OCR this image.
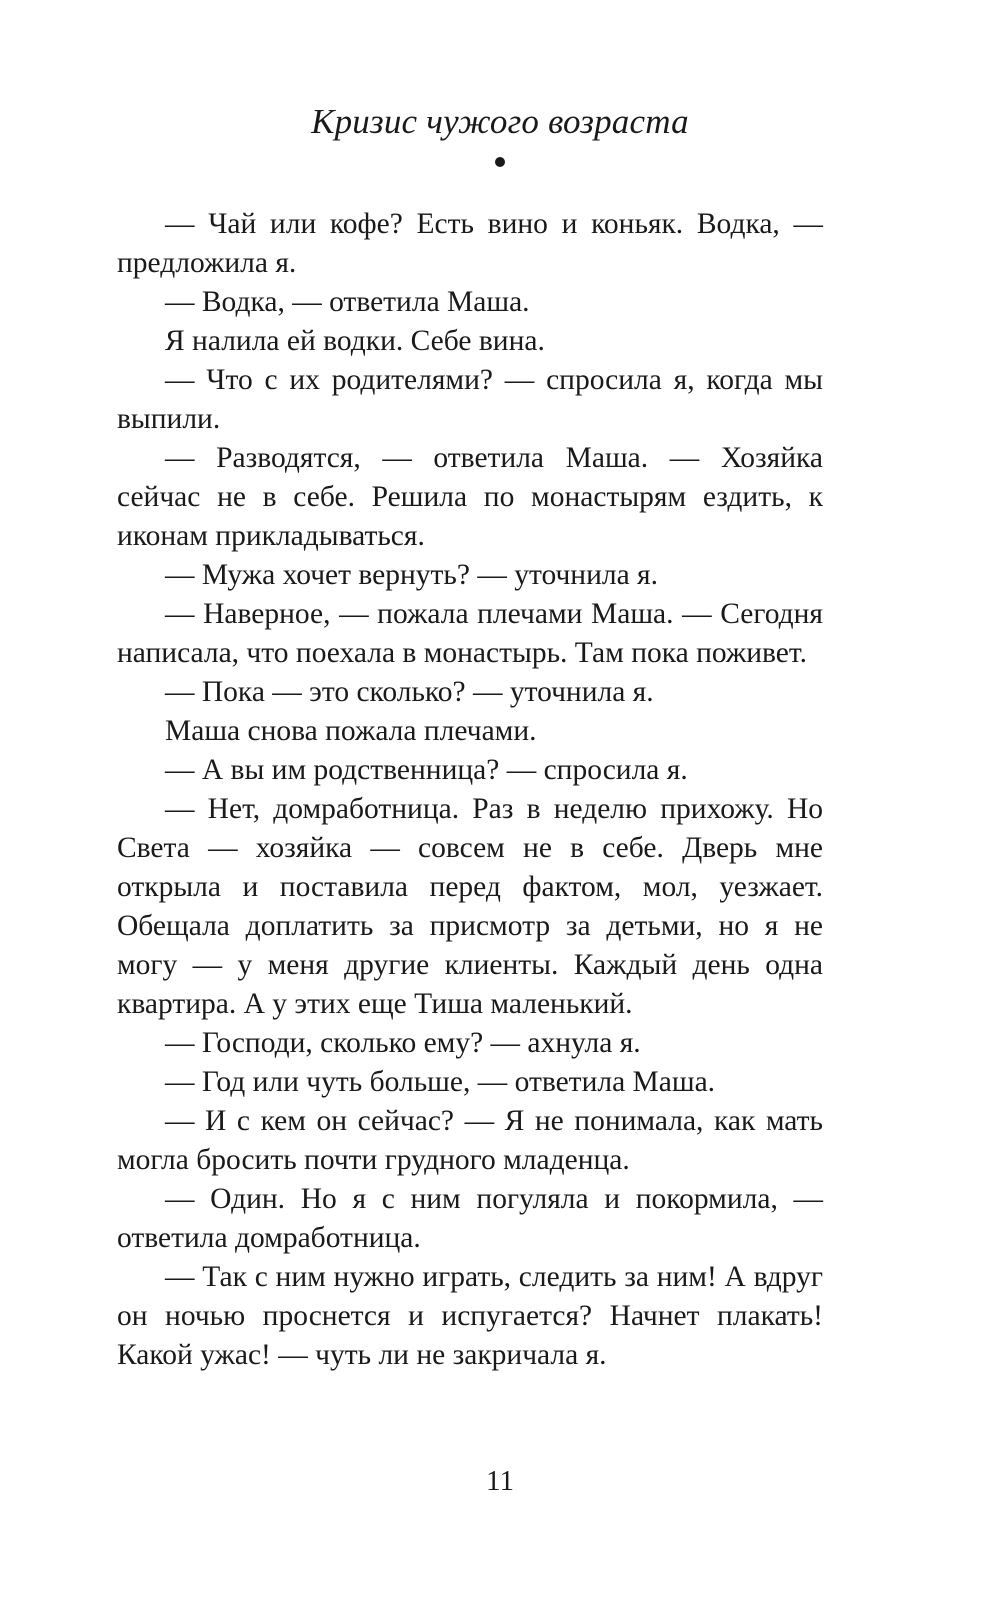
Кризис чужого возраста

— Чай или кофе? Есть вино и коньяк. Водка, — предложила я.

— Водка, — ответила Маша.

Я налила ей водки. Себе вина.

— Что с их родителями? — спросила я, когда мы выпили.

— Разводятся, — ответила Маша. — Хозяйка сейчас не в себе. Решила по монастырям ездить, к иконам прикладываться.

— Мужа хочет вернуть? — уточнила я.

— Наверное, — пожала плечами Маша. — Сегодня написала, что поехала в монастырь. Там пока поживет.

— Пока — это сколько? — уточнила я.

Маша снова пожала плечами.

— А вы им родственница? — спросила я.

— Нет, домработница. Раз в неделю прихожу. Но Света — хозяйка — совсем не в себе. Дверь мне открыла и поставила перед фактом, мол, уезжает. Обещала доплатить за присмотр за детьми, но я не могу — у меня другие клиенты. Каждый день одна квартира. А у этих еще Тиша маленький.

— Господи, сколько ему? — ахнула я.

— Год или чуть больше, — ответила Маша.

— И с кем он сейчас? — Я не понимала, как мать могла бросить почти грудного младенца.

— Один. Но я с ним погуляла и покормила, — ответила домработница.

— Так с ним нужно играть, следить за ним! А вдруг он ночью проснется и испугается? Начнет плакать! Какой ужас! — чуть ли не закричала я.

11
